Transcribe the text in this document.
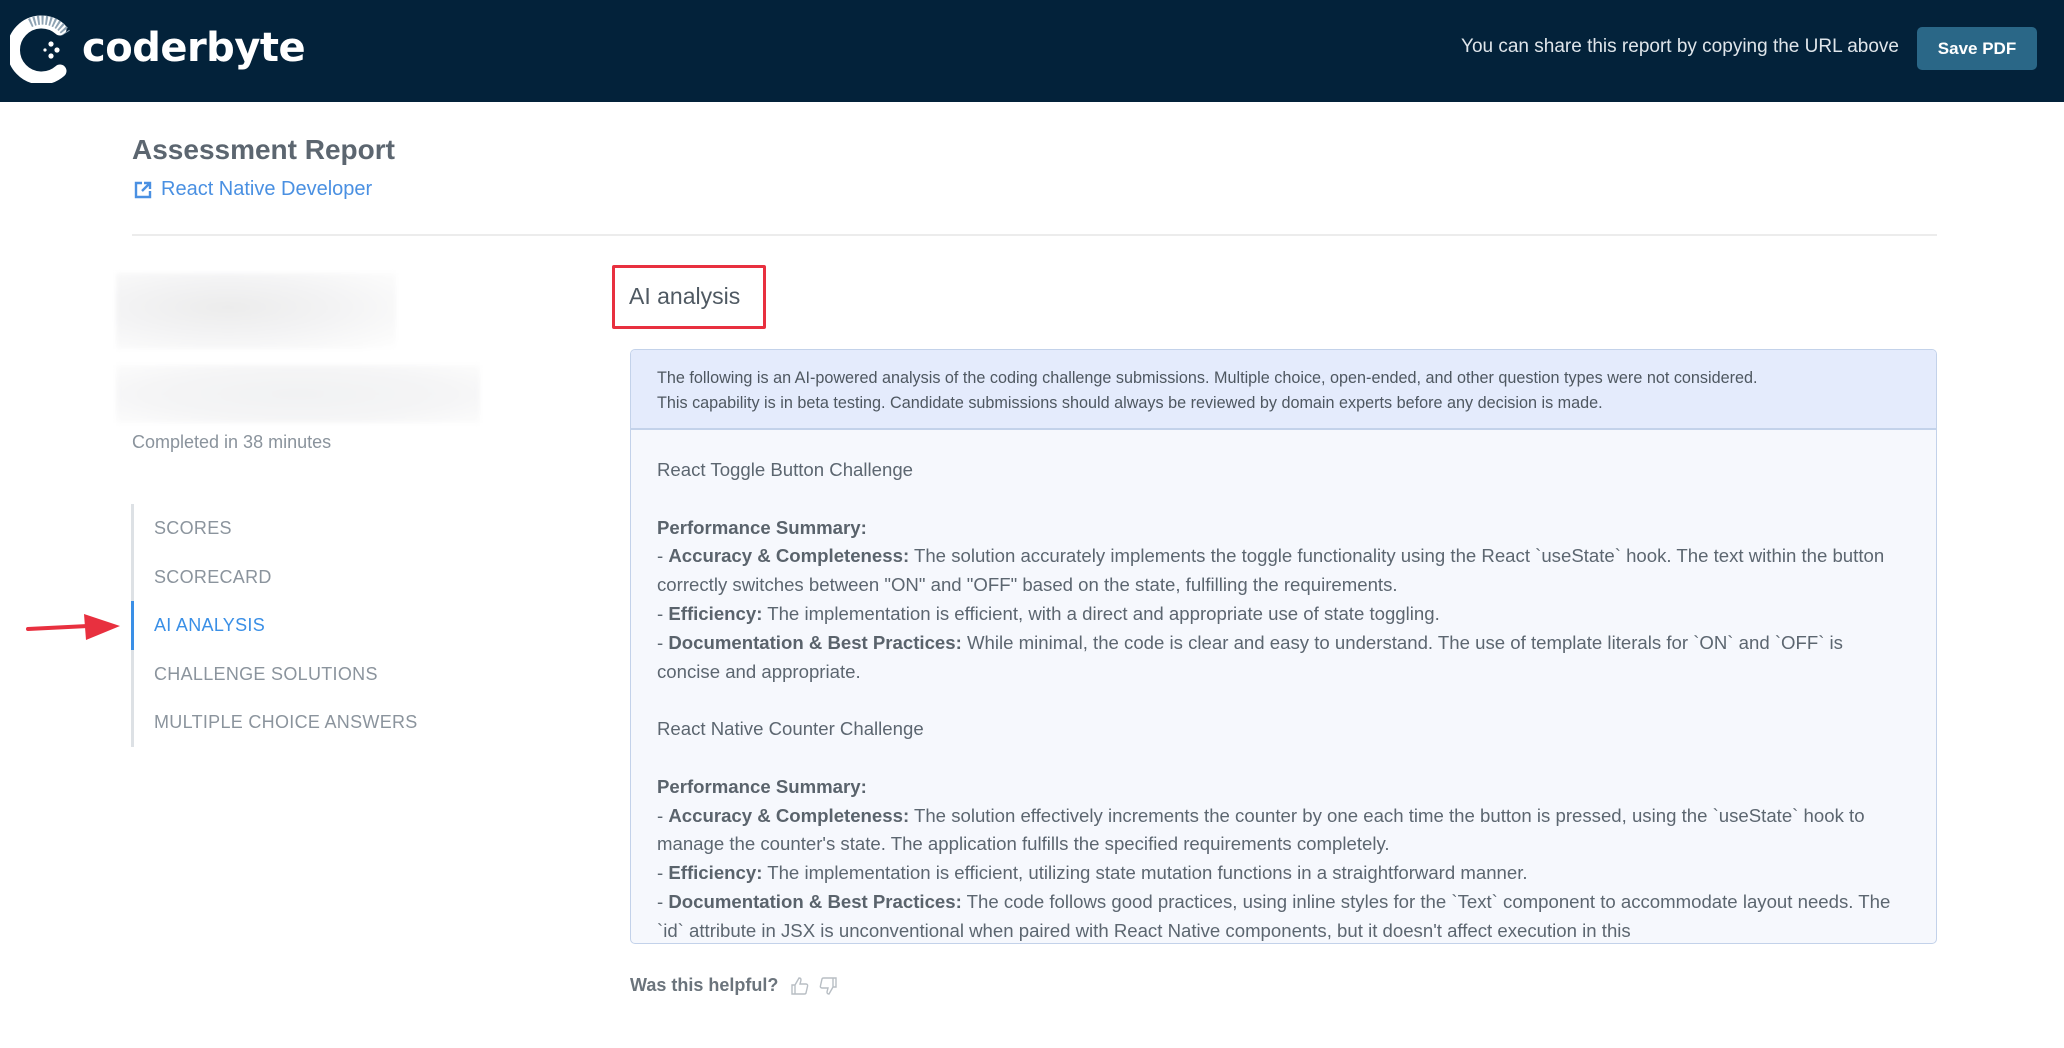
coderbyte	You can share this report by copying the URL above	Save PDF
Assessment Report
React Native Developer
Completed in 38 minutes
SCORES
SCORECARD
AI ANALYSIS
CHALLENGE SOLUTIONS
MULTIPLE CHOICE ANSWERS
AI analysis
The following is an AI-powered analysis of the coding challenge submissions. Multiple choice, open-ended, and other question types were not considered.
This capability is in beta testing. Candidate submissions should always be reviewed by domain experts before any decision is made.
React Toggle Button Challenge
Performance Summary:
- Accuracy & Completeness: The solution accurately implements the toggle functionality using the React `useState` hook. The text within the button correctly switches between "ON" and "OFF" based on the state, fulfilling the requirements.
- Efficiency: The implementation is efficient, with a direct and appropriate use of state toggling.
- Documentation & Best Practices: While minimal, the code is clear and easy to understand. The use of template literals for `ON` and `OFF` is concise and appropriate.
React Native Counter Challenge
Performance Summary:
- Accuracy & Completeness: The solution effectively increments the counter by one each time the button is pressed, using the `useState` hook to manage the counter's state. The application fulfills the specified requirements completely.
- Efficiency: The implementation is efficient, utilizing state mutation functions in a straightforward manner.
- Documentation & Best Practices: The code follows good practices, using inline styles for the `Text` component to accommodate layout needs. The `id` attribute in JSX is unconventional when paired with React Native components, but it doesn't affect execution in this
Was this helpful?
